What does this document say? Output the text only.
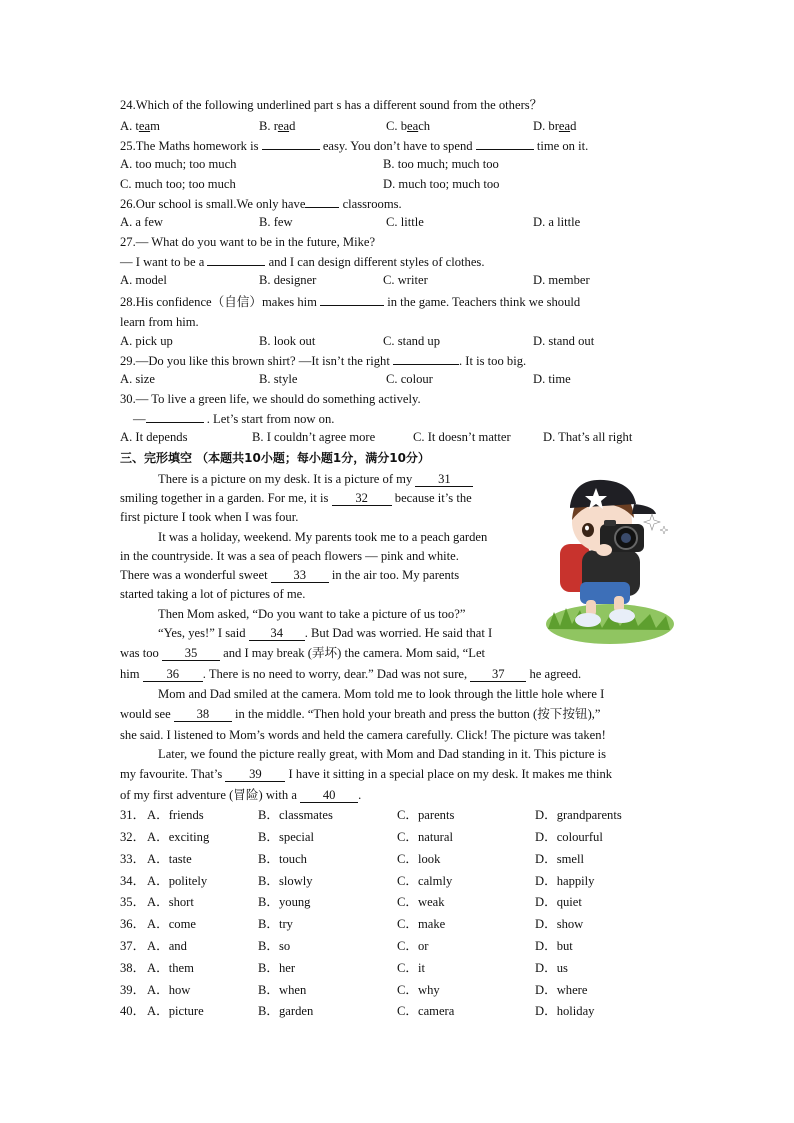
24.Which of the following underlined part s has a different sound from the others？
A. team	B. read	C. beach	D. bread
25.The Maths homework is	easy. You don’t have to spend	time on it.
A. too much; too much	B. too much; much too
C. much too; too much	D. much too; much too
26.Our school is small.We only have	classrooms.
A. a few	B. few	C. little	D. a little
27.— What do you want to be in the future, Mike?
— I want to be a	and I can design different styles of clothes.
A. model	B. designer	C. writer	D. member
28.His confidence（自信）makes him	in the game. Teachers think we should
learn from him.
A. pick up	B. look out	C. stand up	D. stand out
29.—Do you like this brown shirt? —It isn’t the right	. It is too big.
A. size	B. style	C. colour	D. time
30.— To live a green life, we should do something actively.
—	. Let’s start from now on.
A. It depends	B. I couldn’t agree more	C. It doesn’t matter	D. That’s all right
三、完形填空 （本题共10小题；每小题1分，满分10分）
There is a picture on my desk. It is a picture of my 31
smiling together in a garden. For me, it is 32 because it’s the
first picture I took when I was four.
It was a holiday, weekend. My parents took me to a peach garden
in the countryside. It was a sea of peach flowers — pink and white.
There was a wonderful sweet 33 in the air too. My parents
started taking a lot of pictures of me.
Then Mom asked, “Do you want to take a picture of us too?”
“Yes, yes!” I said 34 . But Dad was worried. He said that I
was too 35 and I may break (弄坏) the camera. Mom said, “Let
him 36 . There is no need to worry, dear.” Dad was not sure, 37 he agreed.
Mom and Dad smiled at the camera. Mom told me to look through the little hole where I
would see 38 in the middle. “Then hold your breath and press the button (按下按钮),”
she said. I listened to Mom’s words and held the camera carefully. Click! The picture was taken!
Later, we found the picture really great, with Mom and Dad standing in it. This picture is
my favourite. That’s 39 I have it sitting in a special place on my desk. It makes me think
of my first adventure (冒险) with a 40 .
31． A．friends	B．classmates	C．parents	D．grandparents
32． A．exciting	B．special	C．natural	D．colourful
33． A．taste	B．touch	C．look	D．smell
34． A．politely	B．slowly	C．calmly	D．happily
35． A．short	B．young	C．weak	D．quiet
36． A．come	B．try	C．make	D．show
37． A．and	B．so	C．or	D．but
38． A．them	B．her	C．it	D．us
39． A．how	B．when	C．why	D．where
40． A．picture	B．garden	C．camera	D．holiday
